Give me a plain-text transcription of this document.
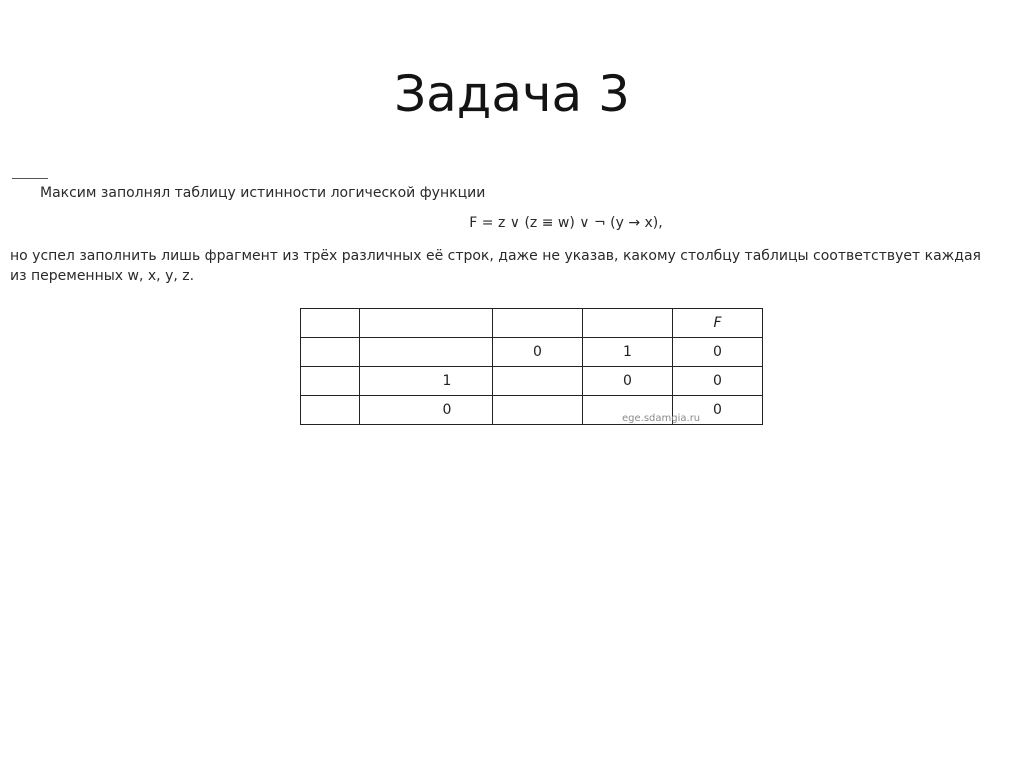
Задача 3
Максим заполнял таблицу истинности логической функции
F = z ∨ (z ≡ w) ∨ ¬ (y → x),
но успел заполнить лишь фрагмент из трёх различных её строк, даже не указав, какому столбцу таблицы соответствует каждая
из переменных w, x, y, z.
				F
		0	1	0
	1		0	0
	0			0
ege.sdamgia.ru
